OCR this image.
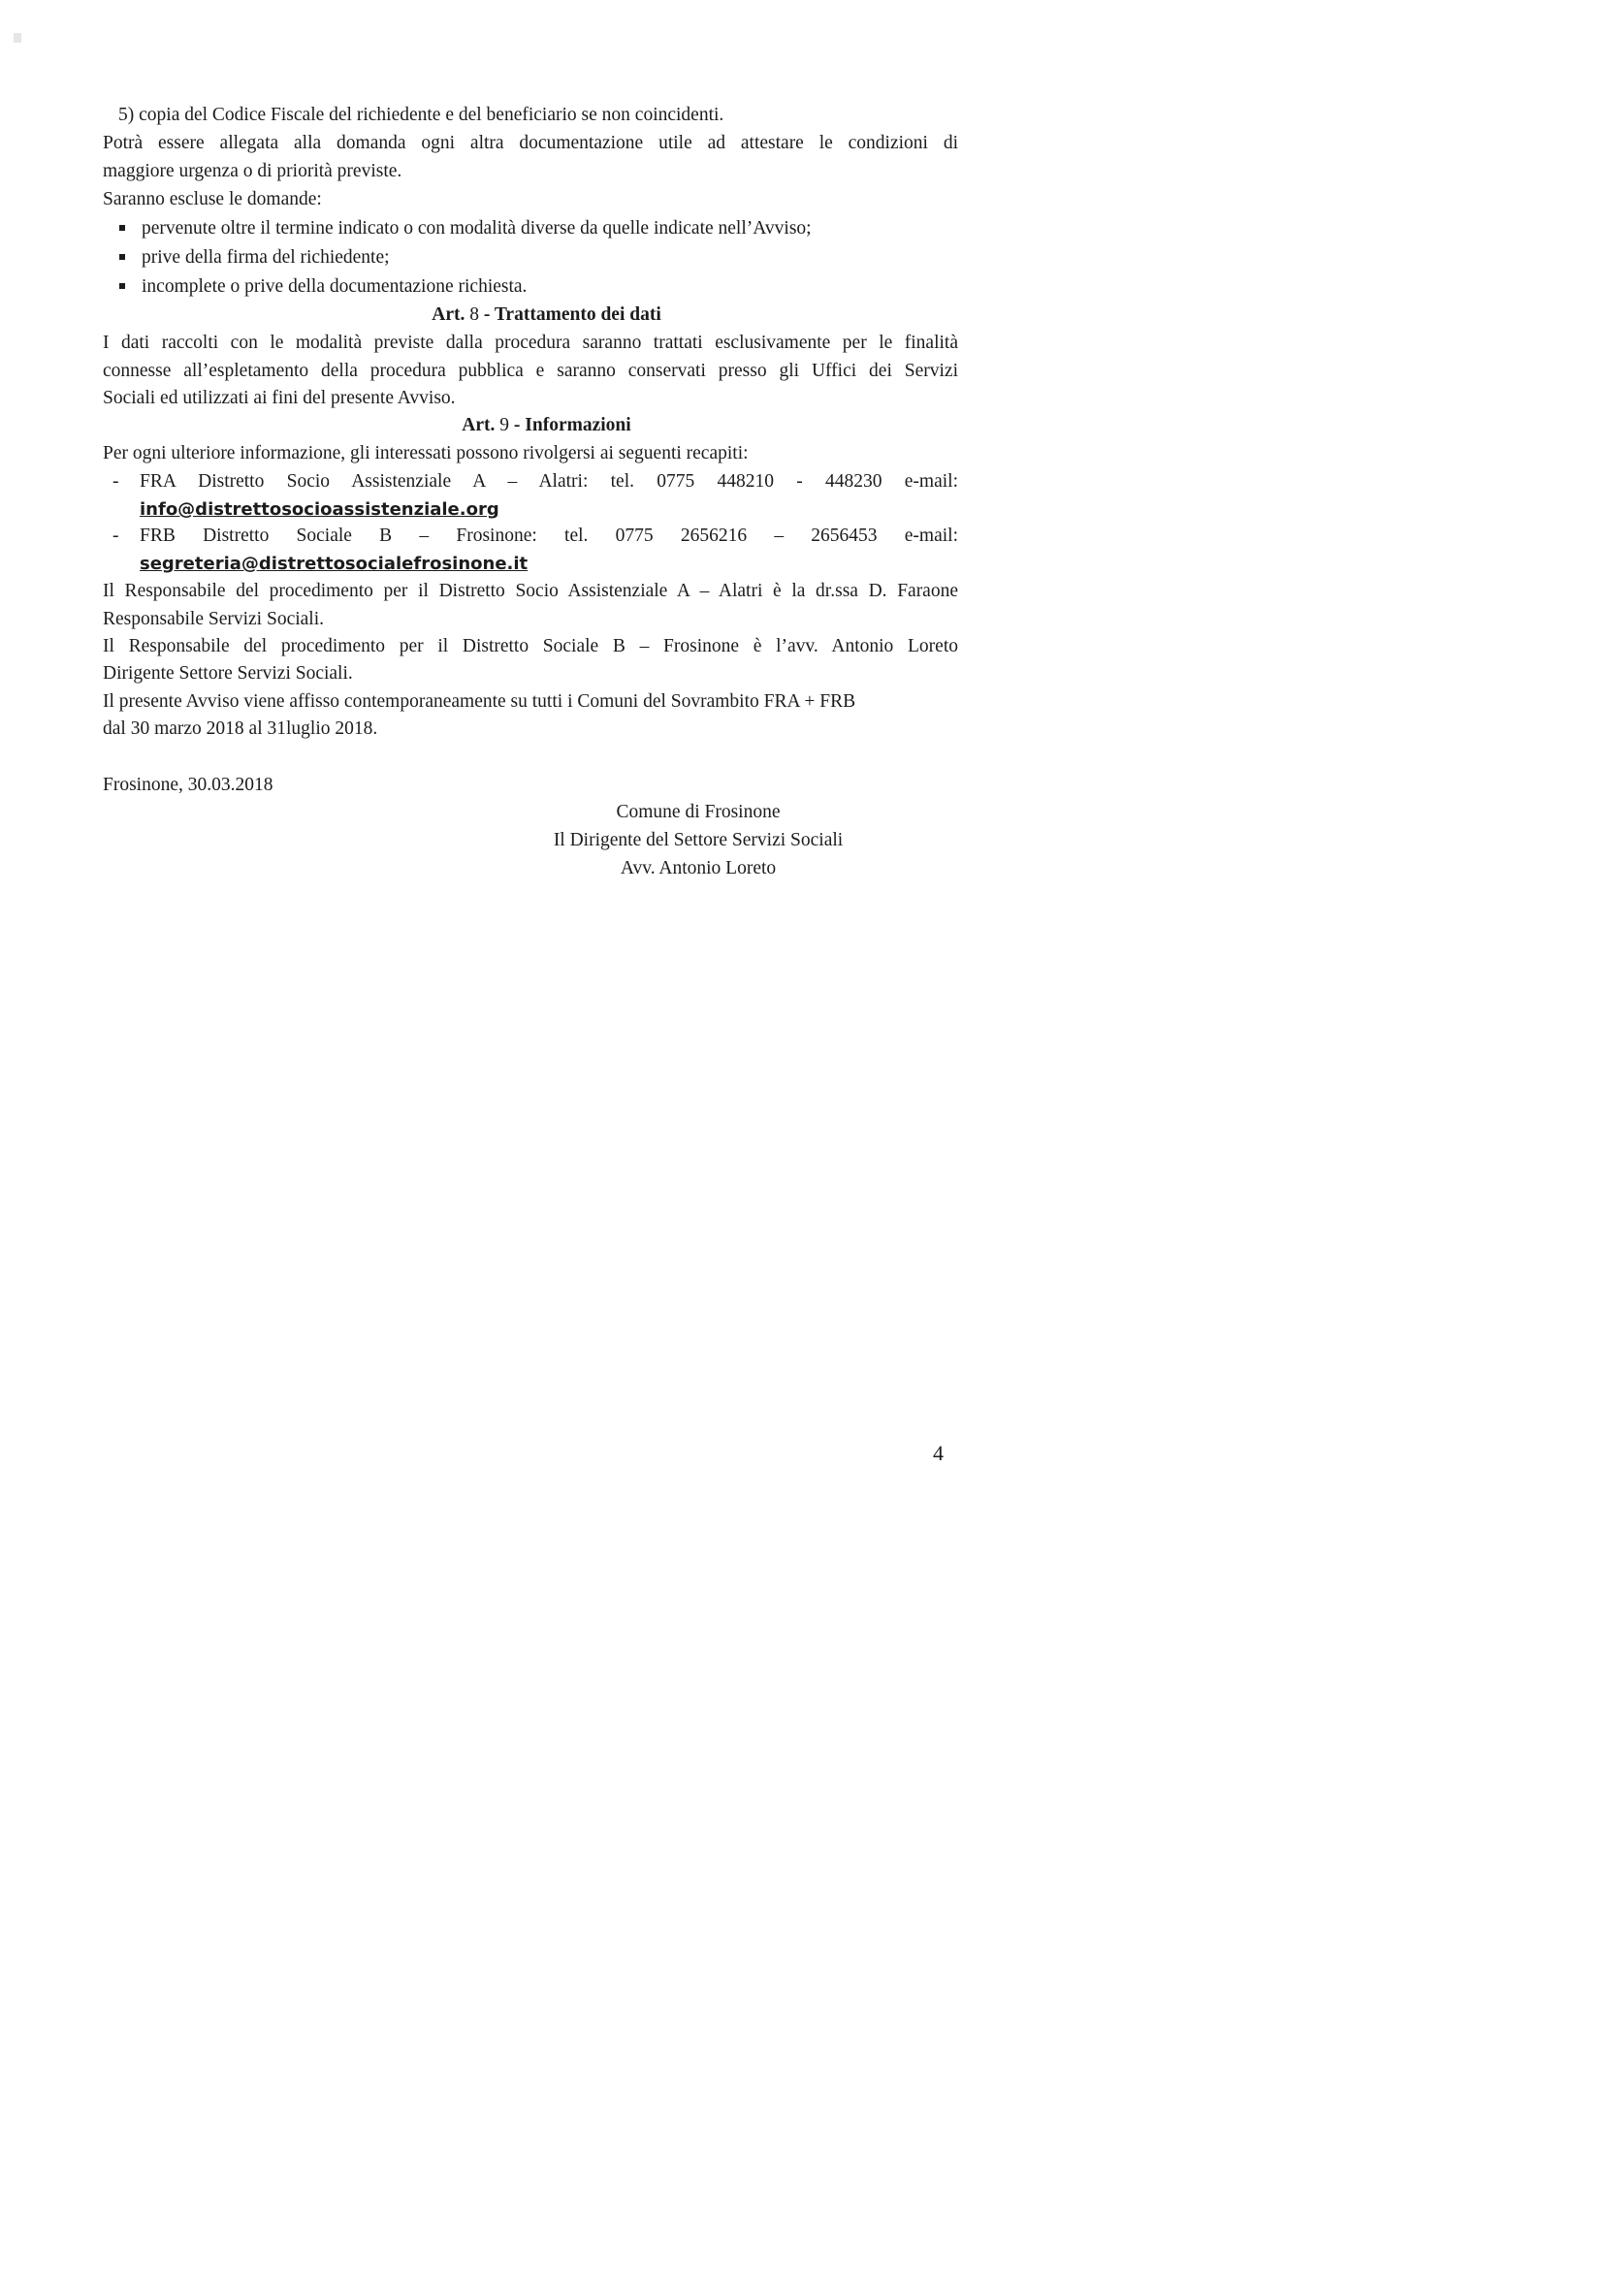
5) copia del Codice Fiscale del richiedente e del beneficiario se non coincidenti.
Potrà essere allegata alla domanda ogni altra documentazione utile ad attestare le condizioni di
maggiore urgenza o di priorità previste.
Saranno escluse le domande:
pervenute oltre il termine indicato o con modalità diverse da quelle indicate nell’Avviso;
prive della firma del richiedente;
incomplete o prive della documentazione richiesta.
Art. 8 - Trattamento dei dati
I dati raccolti con le modalità previste dalla procedura saranno trattati esclusivamente per le finalità
connesse all’espletamento della procedura pubblica e saranno conservati presso gli Uffici dei Servizi
Sociali ed utilizzati ai fini del presente Avviso.
Art. 9 - Informazioni
Per ogni ulteriore informazione, gli interessati possono rivolgersi ai seguenti recapiti:
- FRA Distretto Socio Assistenziale A – Alatri: tel. 0775 448210 - 448230 e-mail:
info@distrettosocioassistenziale.org
- FRB Distretto Sociale B – Frosinone: tel. 0775 2656216 – 2656453 e-mail:
segreteria@distrettosocialefrosinone.it
Il Responsabile del procedimento per il Distretto Socio Assistenziale A – Alatri è la dr.ssa D. Faraone
Responsabile Servizi Sociali.
Il Responsabile del procedimento per il Distretto Sociale B – Frosinone è l’avv. Antonio Loreto
Dirigente Settore Servizi Sociali.
Il presente Avviso viene affisso contemporaneamente su tutti i Comuni del Sovrambito FRA + FRB
dal 30 marzo 2018 al 31luglio 2018.
Frosinone, 30.03.2018
Comune di Frosinone
Il Dirigente del Settore Servizi Sociali
Avv. Antonio Loreto
4
